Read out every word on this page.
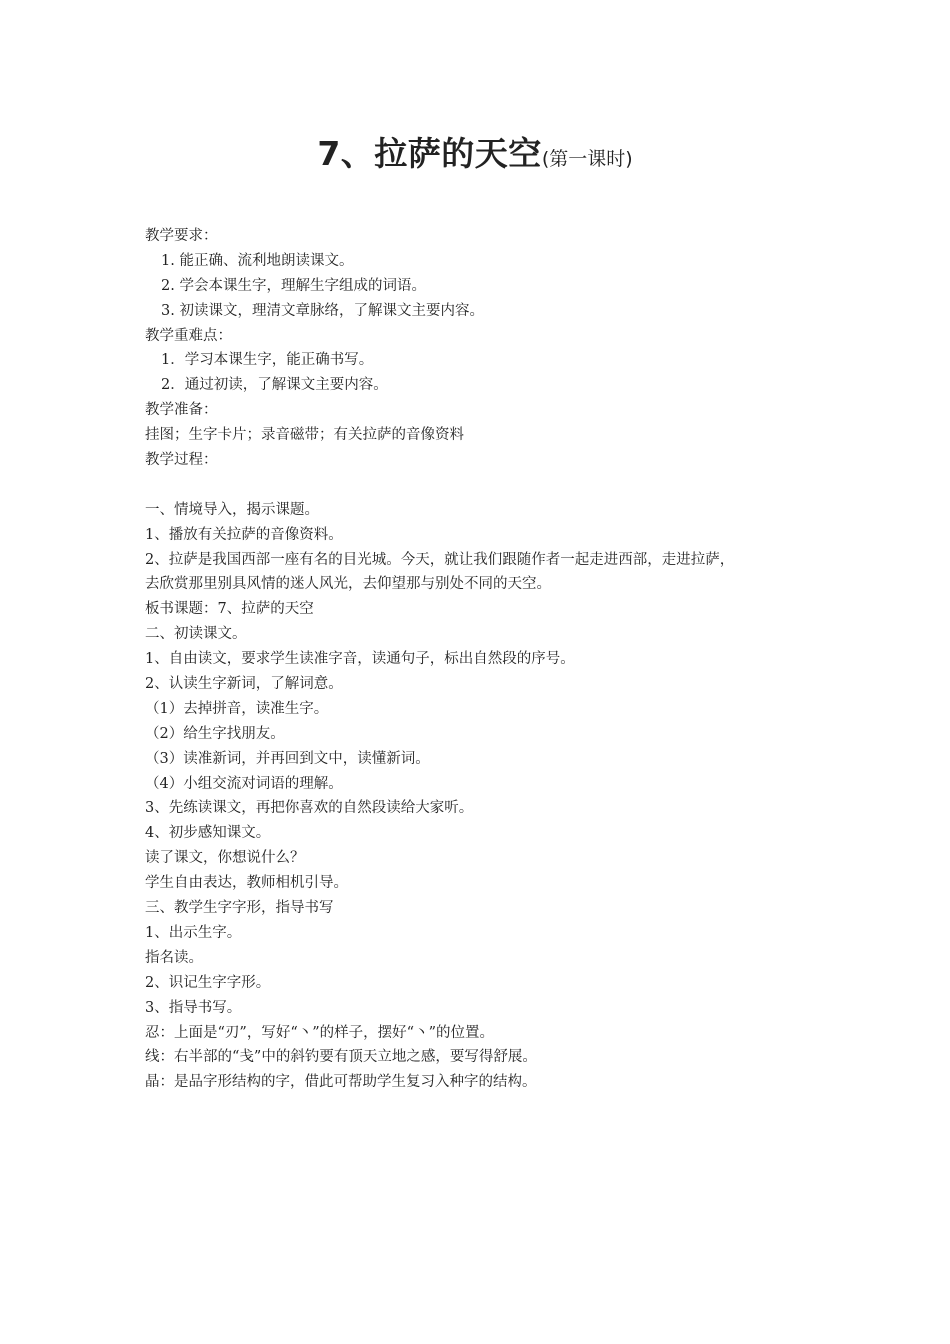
7、拉萨的天空(第一课时)
教学要求：
1. 能正确、流利地朗读课文。
2. 学会本课生字，理解生字组成的词语。
3. 初读课文，理清文章脉络，了解课文主要内容。
教学重难点：
1．学习本课生字，能正确书写。
2．通过初读，了解课文主要内容。
教学准备：
挂图；生字卡片；录音磁带；有关拉萨的音像资料
教学过程：
一、情境导入，揭示课题。
1、播放有关拉萨的音像资料。
2、拉萨是我国西部一座有名的目光城。今天，就让我们跟随作者一起走进西部，走进拉萨，
去欣赏那里别具风情的迷人风光，去仰望那与别处不同的天空。
板书课题：7、拉萨的天空
二、初读课文。
1、自由读文，要求学生读准字音，读通句子，标出自然段的序号。
2、认读生字新词，了解词意。
（1）去掉拼音，读准生字。
（2）给生字找朋友。
（3）读准新词，并再回到文中，读懂新词。
（4）小组交流对词语的理解。
3、先练读课文，再把你喜欢的自然段读给大家听。
4、初步感知课文。
读了课文，你想说什么？
学生自由表达，教师相机引导。
三、教学生字字形，指导书写
1、出示生字。
指名读。
2、识记生字字形。
3、指导书写。
忍：上面是“刃”，写好“丶”的样子，摆好“丶”的位置。
线：右半部的“戋”中的斜钓要有顶天立地之感，要写得舒展。
晶：是品字形结构的字，借此可帮助学生复习入种字的结构。
